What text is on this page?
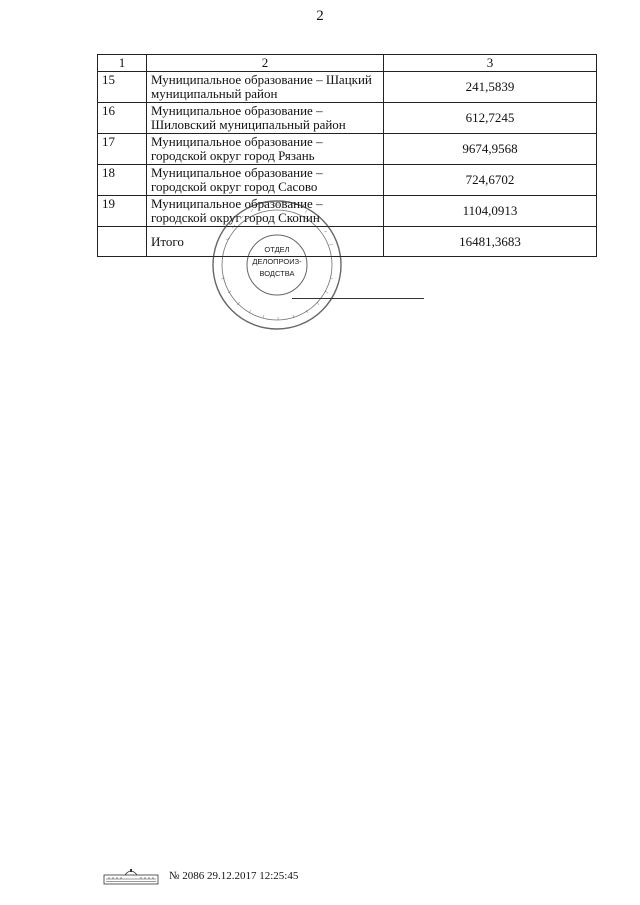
2
1	2	3
15	Муниципальное образование – Шацкий муниципальный район	241,5839
16	Муниципальное образование – Шиловский муниципальный район	612,7245
17	Муниципальное образование – городской округ город Рязань	9674,9568
18	Муниципальное образование – городской округ город Сасово	724,6702
19	Муниципальное образование – городской округ город Скопин	1104,0913
	Итого	16481,3683
ОТДЕЛ
ДЕЛОПРОИЗ-
ВОДСТВА
№ 2086 29.12.2017 12:25:45
